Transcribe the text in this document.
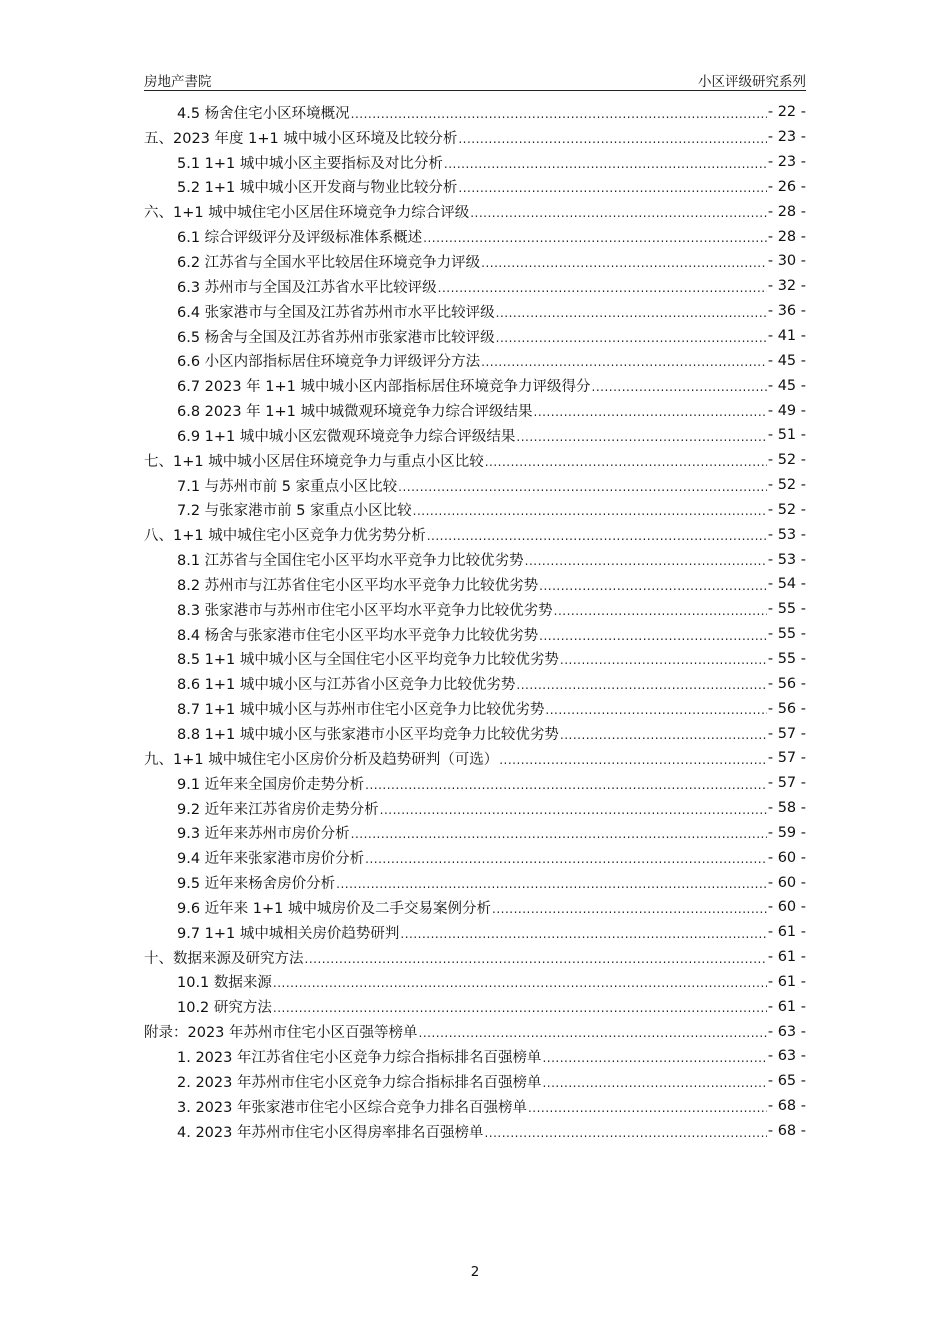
房地产書院	小区评级研究系列
4.5 杨舍住宅小区环境概况 .....	- 22 -
五、2023 年度 1+1 城中城小区环境及比较分析 .....	- 23 -
5.1 1+1 城中城小区主要指标及对比分析 .....	- 23 -
5.2 1+1 城中城小区开发商与物业比较分析 .....	- 26 -
六、1+1 城中城住宅小区居住环境竞争力综合评级 .....	- 28 -
6.1 综合评级评分及评级标准体系概述 .....	- 28 -
6.2 江苏省与全国水平比较居住环境竞争力评级 .....	- 30 -
6.3 苏州市与全国及江苏省水平比较评级 .....	- 32 -
6.4 张家港市与全国及江苏省苏州市水平比较评级 .....	- 36 -
6.5 杨舍与全国及江苏省苏州市张家港市比较评级 .....	- 41 -
6.6 小区内部指标居住环境竞争力评级评分方法 .....	- 45 -
6.7 2023 年 1+1 城中城小区内部指标居住环境竞争力评级得分 .....	- 45 -
6.8 2023 年 1+1 城中城微观环境竞争力综合评级结果 .....	- 49 -
6.9 1+1 城中城小区宏微观环境竞争力综合评级结果 .....	- 51 -
七、1+1 城中城小区居住环境竞争力与重点小区比较 .....	- 52 -
7.1 与苏州市前 5 家重点小区比较 .....	- 52 -
7.2 与张家港市前 5 家重点小区比较 .....	- 52 -
八、1+1 城中城住宅小区竞争力优劣势分析 .....	- 53 -
8.1 江苏省与全国住宅小区平均水平竞争力比较优劣势 .....	- 53 -
8.2 苏州市与江苏省住宅小区平均水平竞争力比较优劣势 .....	- 54 -
8.3 张家港市与苏州市住宅小区平均水平竞争力比较优劣势 .....	- 55 -
8.4 杨舍与张家港市住宅小区平均水平竞争力比较优劣势 .....	- 55 -
8.5 1+1 城中城小区与全国住宅小区平均竞争力比较优劣势 .....	- 55 -
8.6 1+1 城中城小区与江苏省小区竞争力比较优劣势 .....	- 56 -
8.7 1+1 城中城小区与苏州市住宅小区竞争力比较优劣势 .....	- 56 -
8.8 1+1 城中城小区与张家港市小区平均竞争力比较优劣势 .....	- 57 -
九、1+1 城中城住宅小区房价分析及趋势研判（可选） .....	- 57 -
9.1 近年来全国房价走势分析 .....	- 57 -
9.2 近年来江苏省房价走势分析 .....	- 58 -
9.3 近年来苏州市房价分析 .....	- 59 -
9.4 近年来张家港市房价分析 .....	- 60 -
9.5 近年来杨舍房价分析 .....	- 60 -
9.6 近年来 1+1 城中城房价及二手交易案例分析 .....	- 60 -
9.7 1+1 城中城相关房价趋势研判 .....	- 61 -
十、数据来源及研究方法 .....	- 61 -
10.1 数据来源 .....	- 61 -
10.2 研究方法 .....	- 61 -
附录：2023 年苏州市住宅小区百强等榜单 .....	- 63 -
1. 2023 年江苏省住宅小区竞争力综合指标排名百强榜单 .....	- 63 -
2. 2023 年苏州市住宅小区竞争力综合指标排名百强榜单 .....	- 65 -
3. 2023 年张家港市住宅小区综合竞争力排名百强榜单 .....	- 68 -
4. 2023 年苏州市住宅小区得房率排名百强榜单 .....	- 68 -
2
